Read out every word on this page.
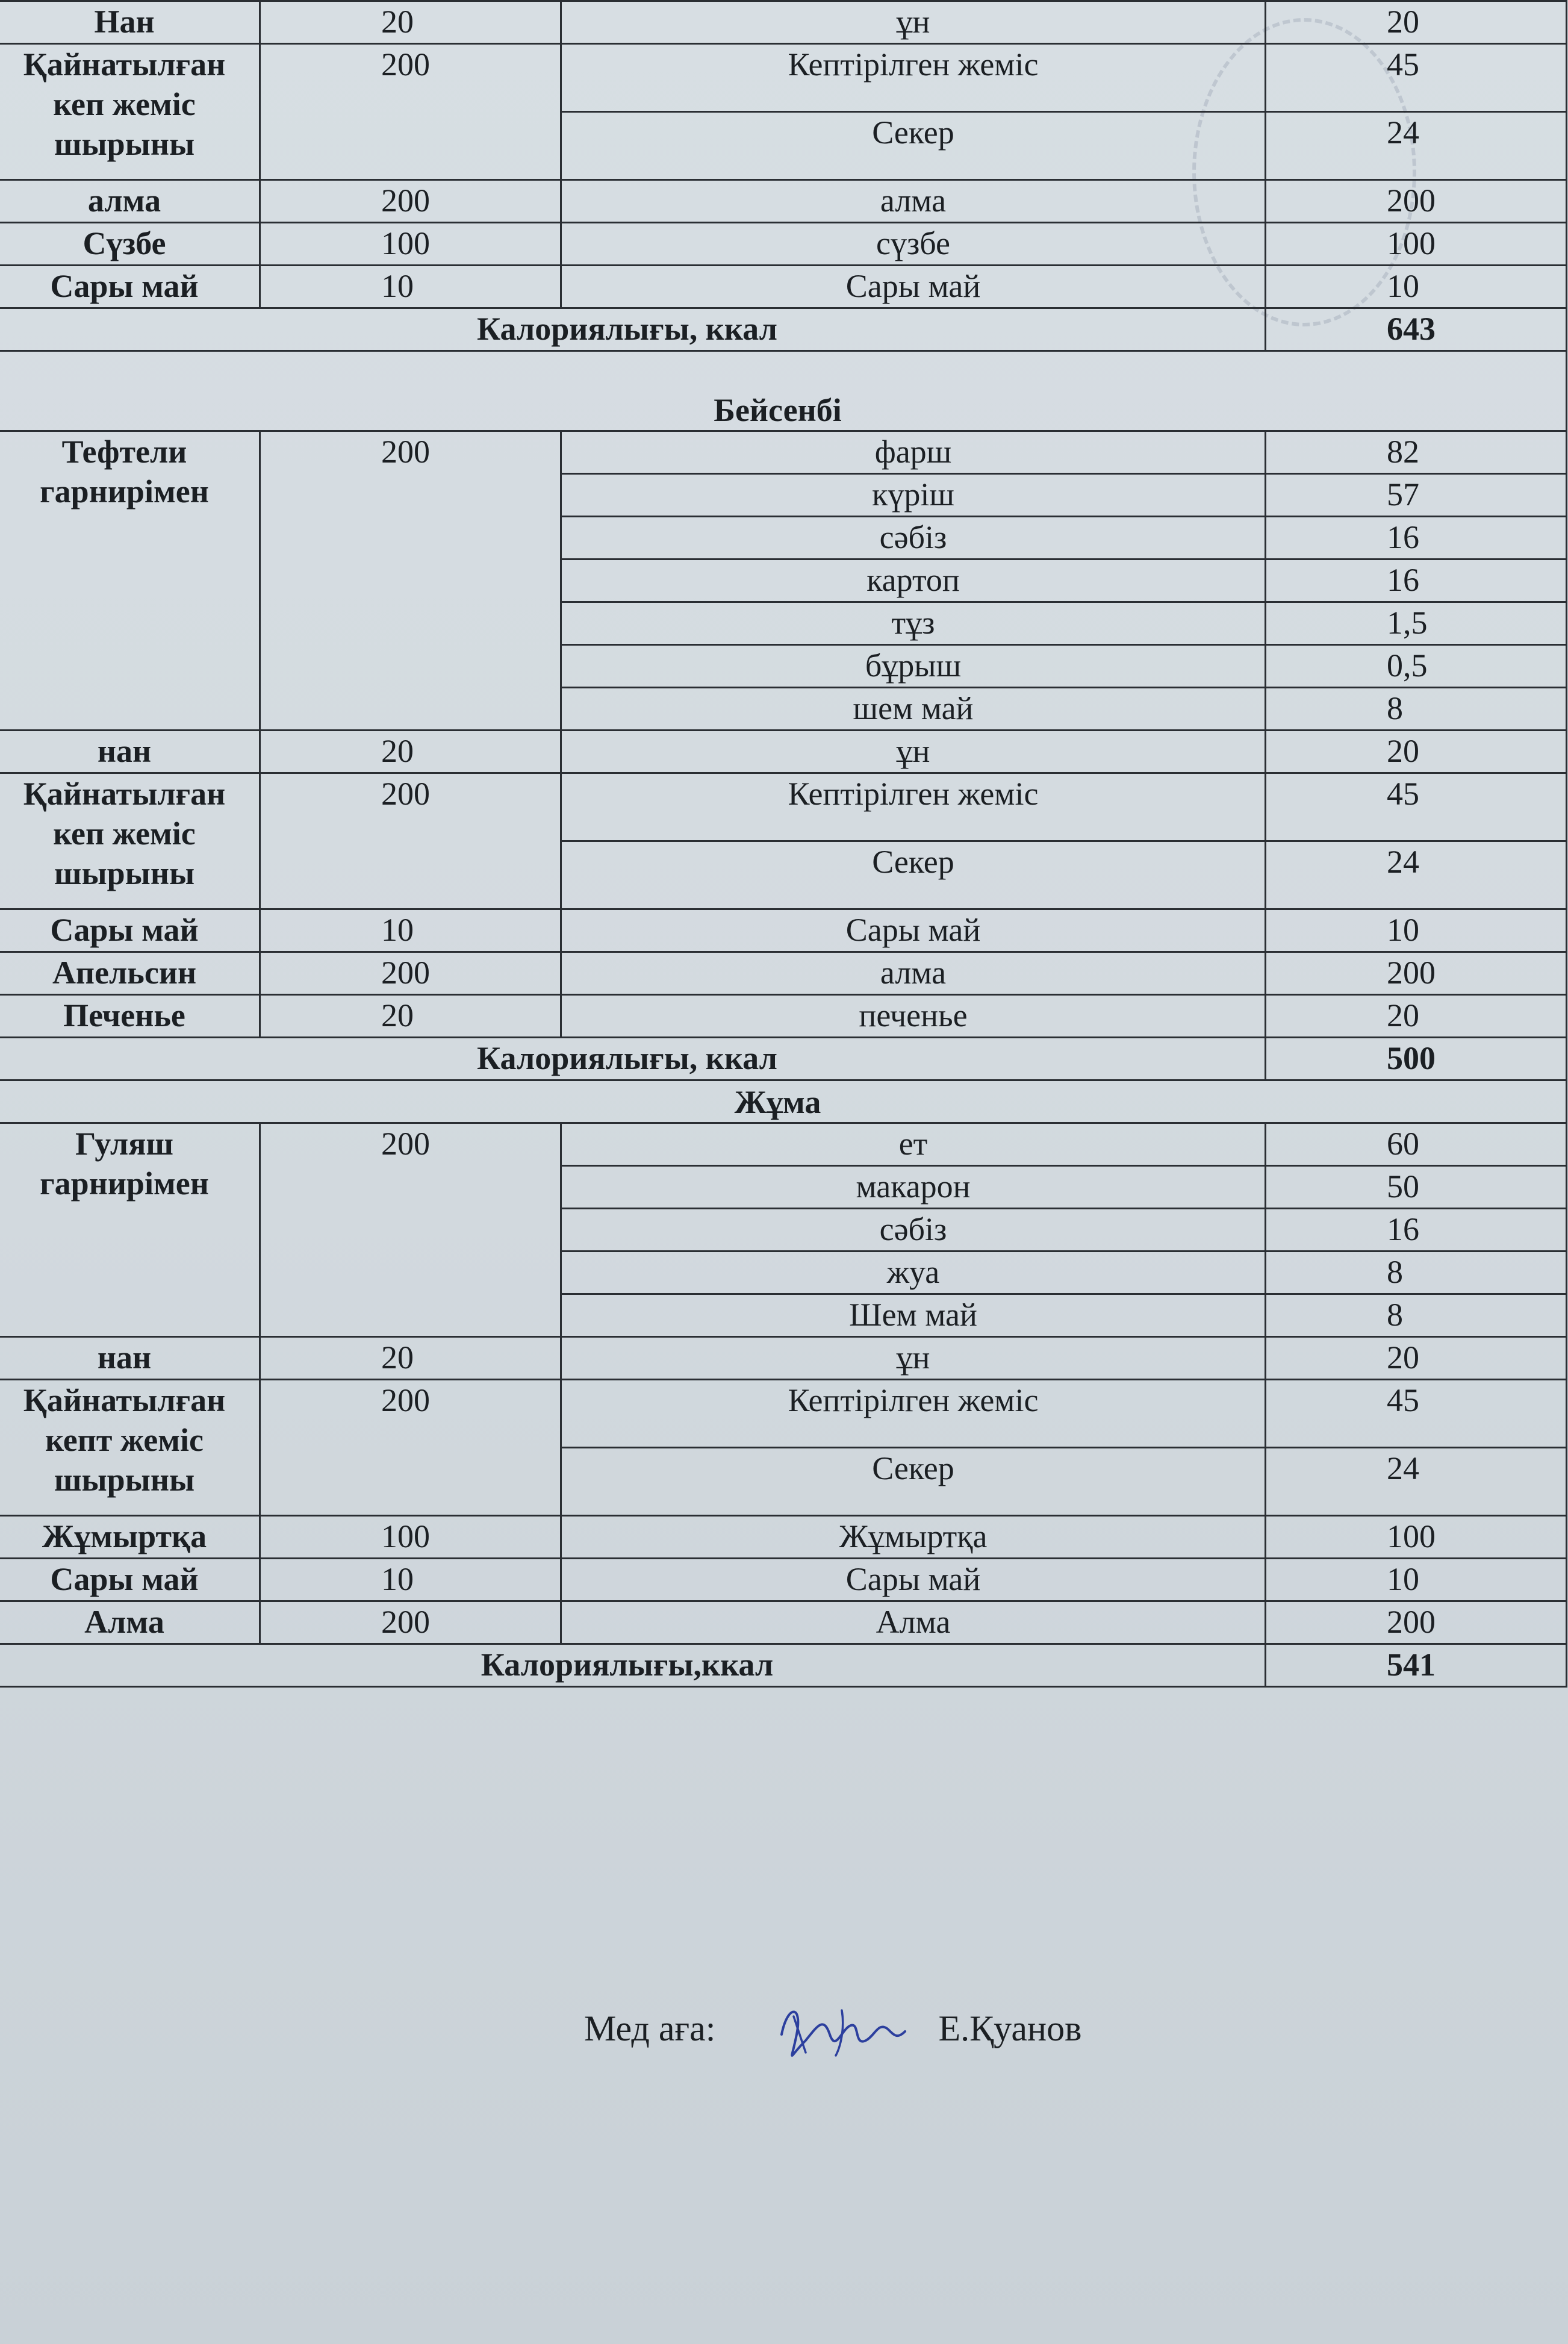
Нан	20	ұн	20
Қайнатылған кеп жеміс шырыны	200	Кептірілген жеміс	45
		Секер	24
алма	200	алма	200
Сүзбе	100	сүзбе	100
Сары май	10	Сары май	10
Калориялығы, ккал			643
Бейсенбі			
Тефтели гарнирімен	200	фарш	82
		күріш	57
		сәбіз	16
		картоп	16
		тұз	1,5
		бұрыш	0,5
		шем май	8
нан	20	ұн	20
Қайнатылған кеп жеміс шырыны	200	Кептірілген жеміс	45
		Секер	24
Сары май	10	Сары май	10
Апельсин	200	алма	200
Печенье	20	печенье	20
Калориялығы, ккал			500
Жұма			
Гуляш гарнирімен	200	ет	60
		макарон	50
		сәбіз	16
		жуа	8
		Шем май	8
нан	20	ұн	20
Қайнатылған кепт жеміс шырыны	200	Кептірілген жеміс	45
		Секер	24
Жұмыртқа	100	Жұмыртқа	100
Сары май	10	Сары май	10
Алма	200	Алма	200
Калориялығы,ккал			541
Мед аға:	Е.Қуанов
